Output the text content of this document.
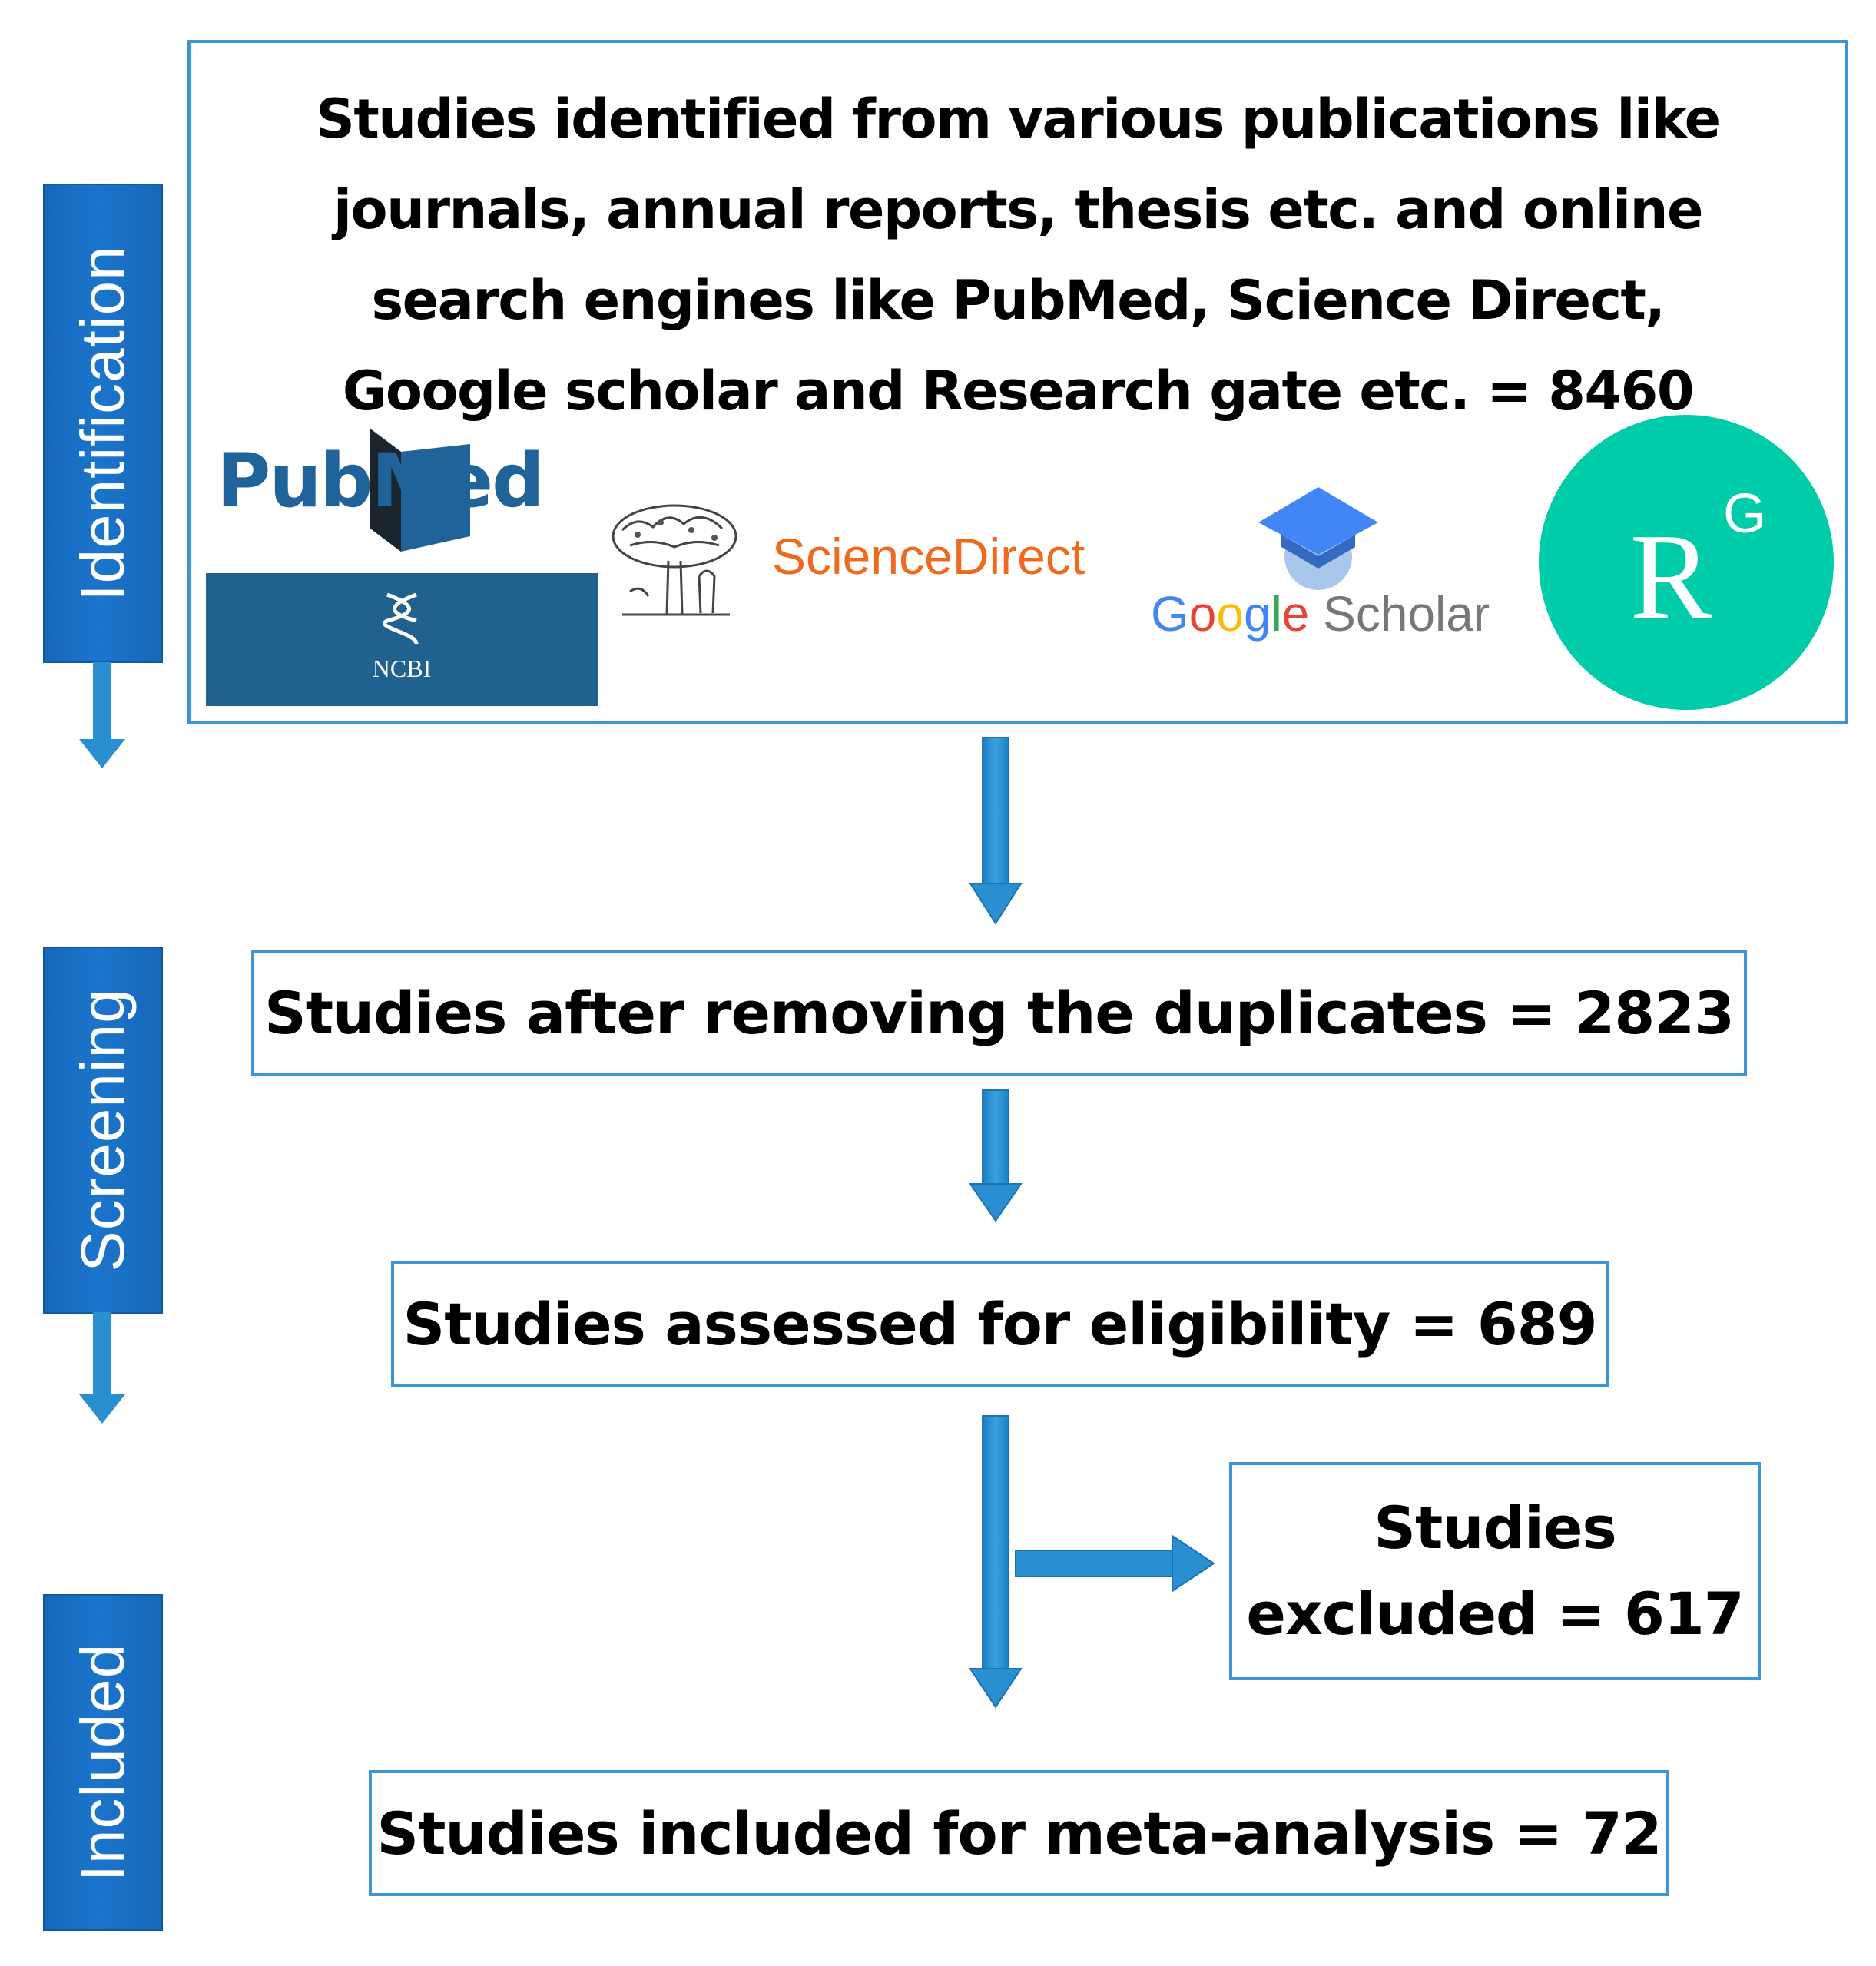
Identification
Screening
Included
Studies identified from various publications like
journals, annual reports, thesis etc. and online
search engines like PubMed, Science Direct,
Google scholar and Research gate etc. = 8460
PubMed
NCBI
ScienceDirect
Google Scholar	R G
Studies after removing the duplicates = 2823
Studies assessed for eligibility = 689
Studies
excluded = 617
Studies included for meta-analysis = 72
